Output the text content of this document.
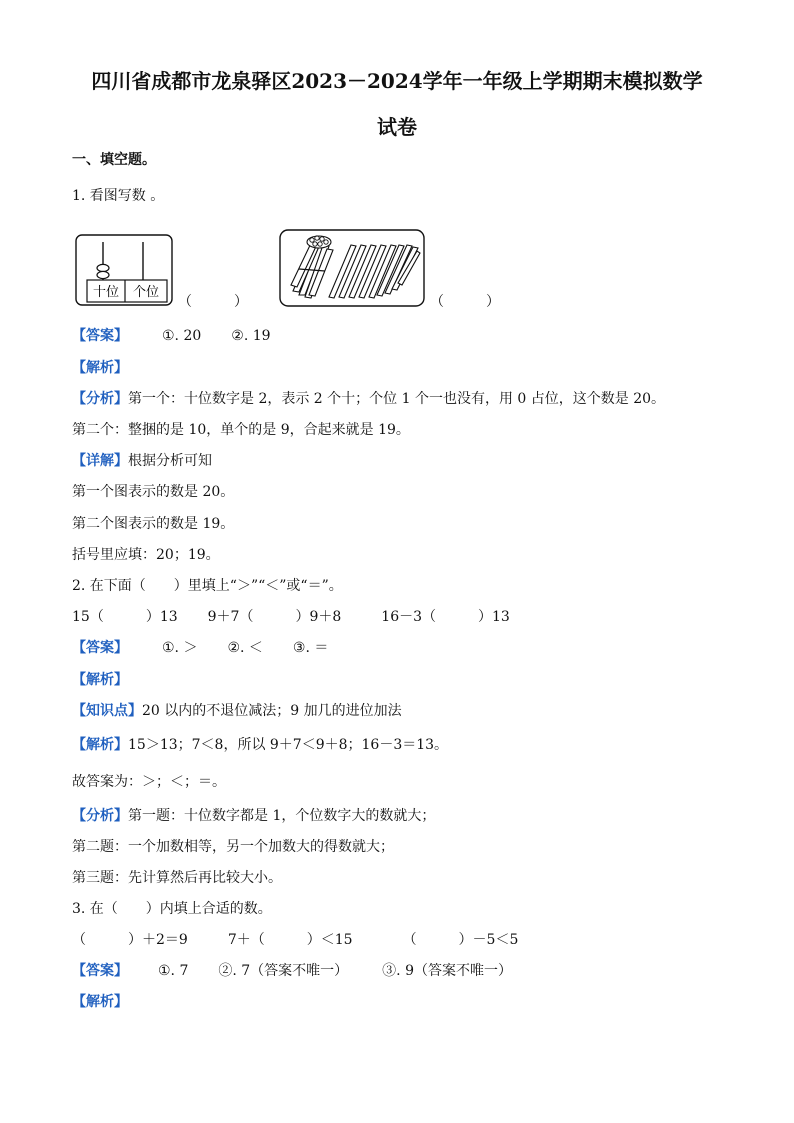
四川省成都市龙泉驿区2023－2024学年一年级上学期期末模拟数学
试卷
一、填空题。
1. 看图写数 。
十位 个位
（　　　）	（　　　）
【答案】 ①. 20 ②. 19
【解析】
【分析】第一个：十位数字是 2，表示 2 个十；个位 1 个一也没有，用 0 占位，这个数是 20。
第二个：整捆的是 10，单个的是 9，合起来就是 19。
【详解】根据分析可知
第一个图表示的数是 20。
第二个图表示的数是 19。
括号里应填：20；19。
2. 在下面（　　）里填上“＞”“＜”或“＝”。
15（　　　）13 9＋7（　　　）9＋8	16－3（　　　）13
【答案】 ①. ＞ ②. ＜ ③. ＝
【解析】
【知识点】20 以内的不退位减法；9 加几的进位加法
【解析】15＞13；7＜8，所以 9＋7＜9＋8；16－3＝13。
故答案为：＞；＜；＝。
【分析】第一题：十位数字都是 1，个位数字大的数就大；
第二题：一个加数相等，另一个加数大的得数就大；
第三题：先计算然后再比较大小。
3. 在（　　）内填上合适的数。
（　　　）＋2＝9	7＋（　　　）＜15	（　　　）－5＜5
【答案】 ①. 7 ②. 7（答案不唯一） ③. 9（答案不唯一）
【解析】
